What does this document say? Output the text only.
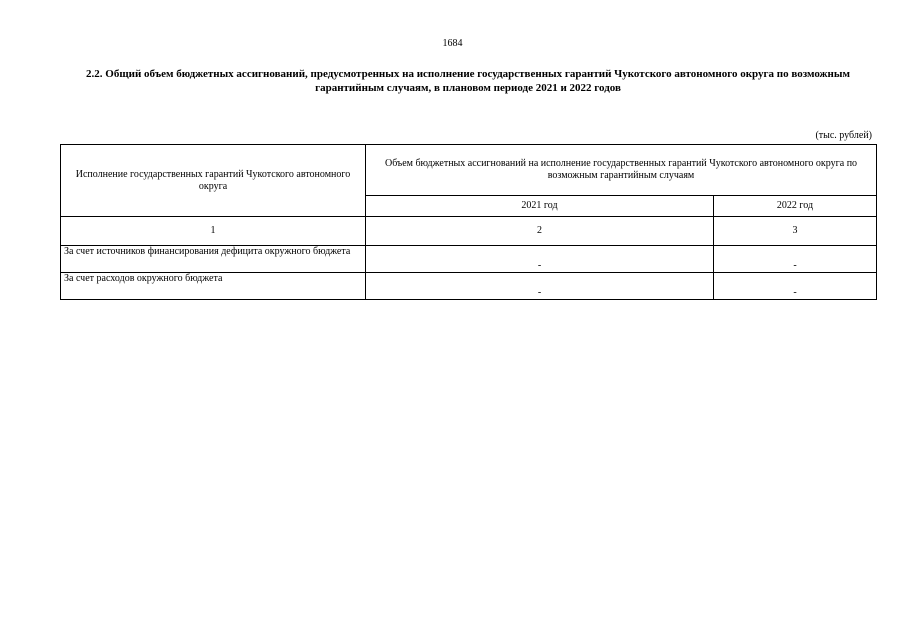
1684
2.2. Общий объем бюджетных ассигнований, предусмотренных на исполнение государственных гарантий Чукотского автономного округа по возможным гарантийным случаям, в плановом периоде 2021 и 2022 годов
(тыс. рублей)
Исполнение государственных гарантий Чукотского автономного округа	Объем бюджетных ассигнований на исполнение государственных гарантий Чукотского автономного округа по возможным гарантийным случаям	
	2021 год	2022 год
1	2	3
За счет источников финансирования дефицита окружного бюджета	-	-
За счет расходов окружного бюджета	-	-
